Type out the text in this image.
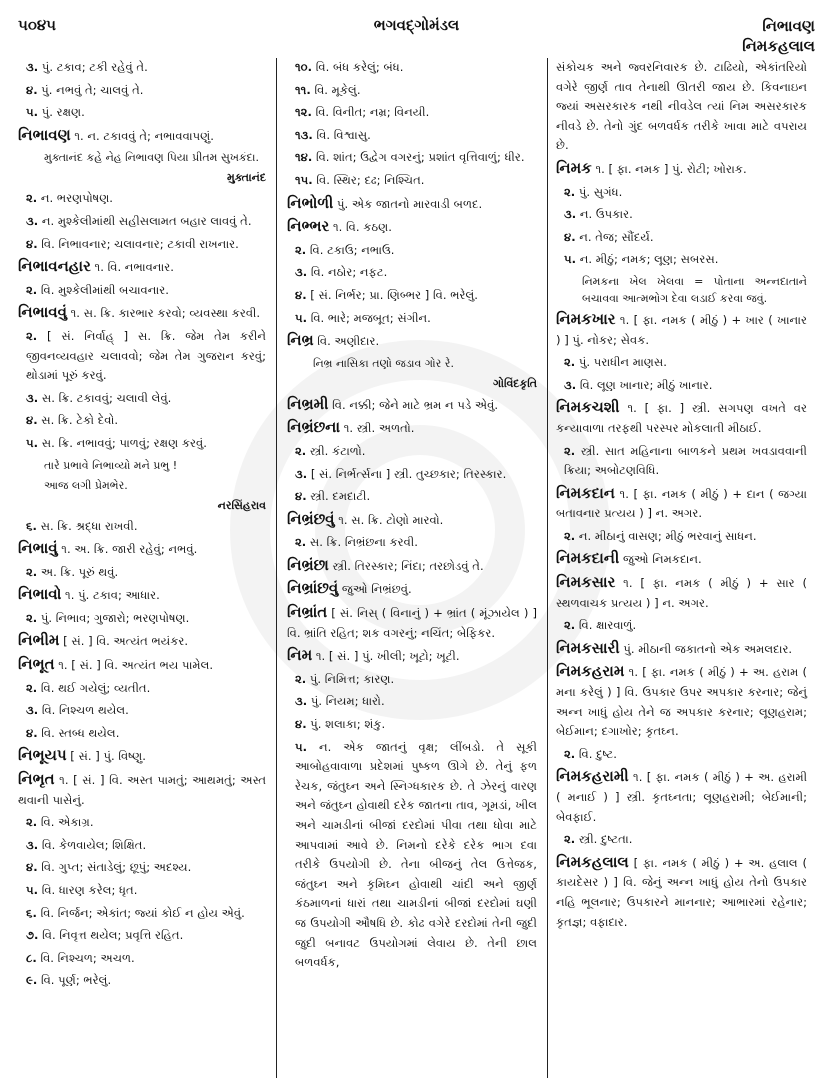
૫૦૪૫	ભગવદ્ગોમંડલ	નિભાવણ
નિમકહલાલ
૩. પું. ટકાવ; ટકી રહેવું તે.
૪. પું. નભવું તે; ચાલવું તે.
૫. પું. રક્ષણ.
નિભાવણ ૧. ન. ટકાવવું તે; નભાવવાપણું.
મુક્તાનંદ કહે નેહ નિભાવણ પિયા પ્રીતમ સુખકંદા.
મુક્તાનંદ
૨. ન. ભરણપોષણ.
૩. ન. મુશ્કેલીમાંથી સહીસલામત બહાર લાવવું તે.
૪. વિ. નિભાવનાર; ચલાવનાર; ટકાવી રાખનાર.
નિભાવનહાર ૧. વિ. નભાવનાર.
૨. વિ. મુશ્કેલીમાંથી બચાવનાર.
નિભાવવું ૧. સ. ક્રિ. કારભાર કરવો; વ્યવસ્થા કરવી.
૨. [ સં. નિર્વાહ્ ] સ. ક્રિ. જેમ તેમ કરીને જીવનવ્યવહાર ચલાવવો; જેમ તેમ ગુજરાન કરવું; થોડામાં પૂરું કરવું.
૩. સ. ક્રિ. ટકાવવું; ચલાવી લેવું.
૪. સ. ક્રિ. ટેકો દેવો.
૫. સ. ક્રિ. નભાવવું; પાળવું; રક્ષણ કરવું.
તારે પ્રભાવે નિભાવ્યો મને પ્રભુ !
આજ લગી પ્રેમભેર.
નરસિંહરાવ
૬. સ. ક્રિ. શ્રદ્ધા રાખવી.
નિભાવું ૧. અ. ક્રિ. જારી રહેવું; નભવું.
૨. અ. ક્રિ. પૂરું થવું.
નિભાવો ૧. પું. ટકાવ; આધાર.
૨. પું. નિભાવ; ગુજારો; ભરણપોષણ.
નિભીમ [ સં. ] વિ. અત્યંત ભયંકર.
નિભૂત ૧. [ સં. ] વિ. અત્યંત ભય પામેલ.
૨. વિ. થઈ ગયેલું; વ્યતીત.
૩. વિ. નિશ્ચળ થયેલ.
૪. વિ. સ્તબ્ધ થયેલ.
નિભૂયપ [ સં. ] પું. વિષ્ણુ.
નિભૃત ૧. [ સં. ] વિ. અસ્ત પામતું; આથમતું; અસ્ત થવાની પાસેનું.
૨. વિ. એકાગ્ર.
૩. વિ. કેળવાયેલ; શિક્ષિત.
૪. વિ. ગુપ્ત; સંતાડેલું; છૂપું; અદશ્ય.
૫. વિ. ધારણ કરેલ; ધૃત.
૬. વિ. નિર્જન; એકાંત; જ્યાં કોઈ ન હોય એવું.
૭. વિ. નિવૃત્ત થયેલ; પ્રવૃત્તિ રહિત.
૮. વિ. નિશ્ચળ; અચળ.
૯. વિ. પૂર્ણ; ભરેલું.
૧૦. વિ. બંધ કરેલું; બંધ.
૧૧. વિ. મૂકેલું.
૧૨. વિ. વિનીત; નમ્ર; વિનયી.
૧૩. વિ. વિશ્વાસુ.
૧૪. વિ. શાંત; ઉદ્વેગ વગરનું; પ્રશાંત વૃત્તિવાળું; ધીર.
૧૫. વિ. સ્થિર; દઢ; નિશ્ચિત.
નિભોળી પું. એક જાતનો મારવાડી બળદ.
નિભ્ભર ૧. વિ. કઠણ.
૨. વિ. ટકાઉ; નભાઉ.
૩. વિ. નઠોર; નફટ.
૪. [ સં. નિર્ભર; પ્રા. ણિબ્ભર ] વિ. ભરેલું.
૫. વિ. ભારે; મજબૂત; સંગીન.
નિભ્ર વિ. અણીદાર.
નિભ્ર નાસિકા તણો જડાવ ગોર રે.
ગોવિંદકૃતિ
નિભ્રમી વિ. નક્કી; જેને માટે ભ્રમ ન પડે એવું.
નિભ્રંછના ૧. સ્ત્રી. અળતો.
૨. સ્ત્રી. કંટાળો.
૩. [ સં. નિર્ભર્ત્સના ] સ્ત્રી. તુચ્છકાર; તિરસ્કાર.
૪. સ્ત્રી. દમદાટી.
નિભ્રંછવું ૧. સ. ક્રિ. ટોણો મારવો.
૨. સ. ક્રિ. નિભ્રંછના કરવી.
નિભ્રંછા સ્ત્રી. તિરસ્કાર; નિંદા; તરછોડવું તે.
નિભ્રાંછવું જુઓ નિભ્રંછવું.
નિભ્રાંત [ સં. નિસ્ ( વિનાનું ) + ભ્રાંત ( મૂંઝાયેલ ) ] વિ. ભ્રાંતિ રહિત; શક વગરનું; નચિંત; બેફિકર.
નિમ ૧. [ સં. ] પું. ખીલી; ખૂટો; ખૂટી.
૨. પું. નિમિત્ત; કારણ.
૩. પું. નિયમ; ધારો.
૪. પું. શલાકા; શંકુ.
૫. ન. એક જાતનું વૃક્ષ; લીંબડો. તે સૂકી આબોહવાવાળા પ્રદેશમાં પુષ્કળ ઊગે છે. તેનું ફળ રેચક, જંતુઘ્ન અને સ્નિગ્ધકારક છે. તે ઝેરનું વારણ અને જંતુઘ્ન હોવાથી દરેક જાતના તાવ, ગૂમડાં, ખીલ અને ચામડીનાં બીજાં દરદોમાં પીવા તથા ધોવા માટે આપવામાં આવે છે. નિમનો દરેકે દરેક ભાગ દવા તરીકે ઉપયોગી છે. તેના બીજનું તેલ ઉત્તેજક, જંતુઘ્ન અને કૃમિઘ્ન હોવાથી ચાંદી અને જીર્ણ કંઠમાળનાં ધારાં તથા ચામડીનાં બીજાં દરદોમાં ઘણી જ ઉપયોગી ઔષધિ છે. કોઢ વગેરે દરદોમાં તેની જુદી જુદી બનાવટ ઉપયોગમાં લેવાય છે. તેની છાલ બળવર્ધક,
સંકોચક અને જ્વરનિવારક છે. ટાઢિયો, એકાંતરિયો વગેરે જીર્ણ તાવ તેનાથી ઊતરી જાય છે. કિવનાઇન જ્યાં અસરકારક નથી નીવડેલ ત્યાં નિમ અસરકારક નીવડે છે. તેનો ગુંદ બળવર્ધક તરીકે ખાવા માટે વપરાય છે.
નિમક ૧. [ ફા. નમક ] પું. રોટી; ખોરાક.
૨. પું. સુગંધ.
૩. ન. ઉપકાર.
૪. ન. તેજ; સૌંદર્ય.
૫. ન. મીઠું; નમક; લૂણ; સબરસ.
નિમકના ખેલ ખેલવા = પોતાના અન્નદાતાને બચાવવા આત્મભોગ દેવા લડાઈ કરવા જવું.
નિમકખાર ૧. [ ફા. નમક ( મીઠું ) + ખાર ( ખાનાર ) ] પું. નોકર; સેવક.
૨. પું. પરાધીન માણસ.
૩. વિ. લૂણ ખાનાર; મીઠું ખાનાર.
નિમકચશી ૧. [ ફા. ] સ્ત્રી. સગપણ વખતે વર કન્યાવાળા તરફથી પરસ્પર મોકલાતી મીઠાઈ.
૨. સ્ત્રી. સાત મહિનાના બાળકને પ્રથમ ખવડાવવાની ક્રિયા; અબોટણવિધિ.
નિમકદાન ૧. [ ફા. નમક ( મીઠું ) + દાન ( જગ્યા બતાવનાર પ્રત્યય ) ] ન. અગર.
૨. ન. મીઠાનું વાસણ; મીઠું ભરવાનું સાધન.
નિમકદાની જુઓ નિમકદાન.
નિમકસાર ૧. [ ફા. નમક ( મીઠું ) + સાર ( સ્થળવાચક પ્રત્યય ) ] ન. અગર.
૨. વિ. ક્ષારવાળું.
નિમકસારી પું. મીઠાની જકાતનો એક અમલદાર.
નિમકહરામ ૧. [ ફા. નમક ( મીઠું ) + અ. હરામ ( મના કરેલું ) ] વિ. ઉપકાર ઉપર અપકાર કરનાર; જેનું અન્ન ખાધું હોય તેને જ અપકાર કરનાર; લૂણહરામ; બેઈમાન; દગાખોર; કૃતઘ્ન.
૨. વિ. દુષ્ટ.
નિમકહરામી ૧. [ ફા. નમક ( મીઠું ) + અ. હરામી ( મનાઈ ) ] સ્ત્રી. કૃતઘ્નતા; લૂણહરામી; બેઈમાની; બેવફાઈ.
૨. સ્ત્રી. દુષ્ટતા.
નિમકહલાલ [ ફા. નમક ( મીઠું ) + અ. હલાલ ( કાયદેસર ) ] વિ. જેનું અન્ન ખાધું હોય તેનો ઉપકાર નહિ ભૂલનાર; ઉપકારને માનનાર; આભારમાં રહેનાર; કૃતજ્ઞ; વફાદાર.
